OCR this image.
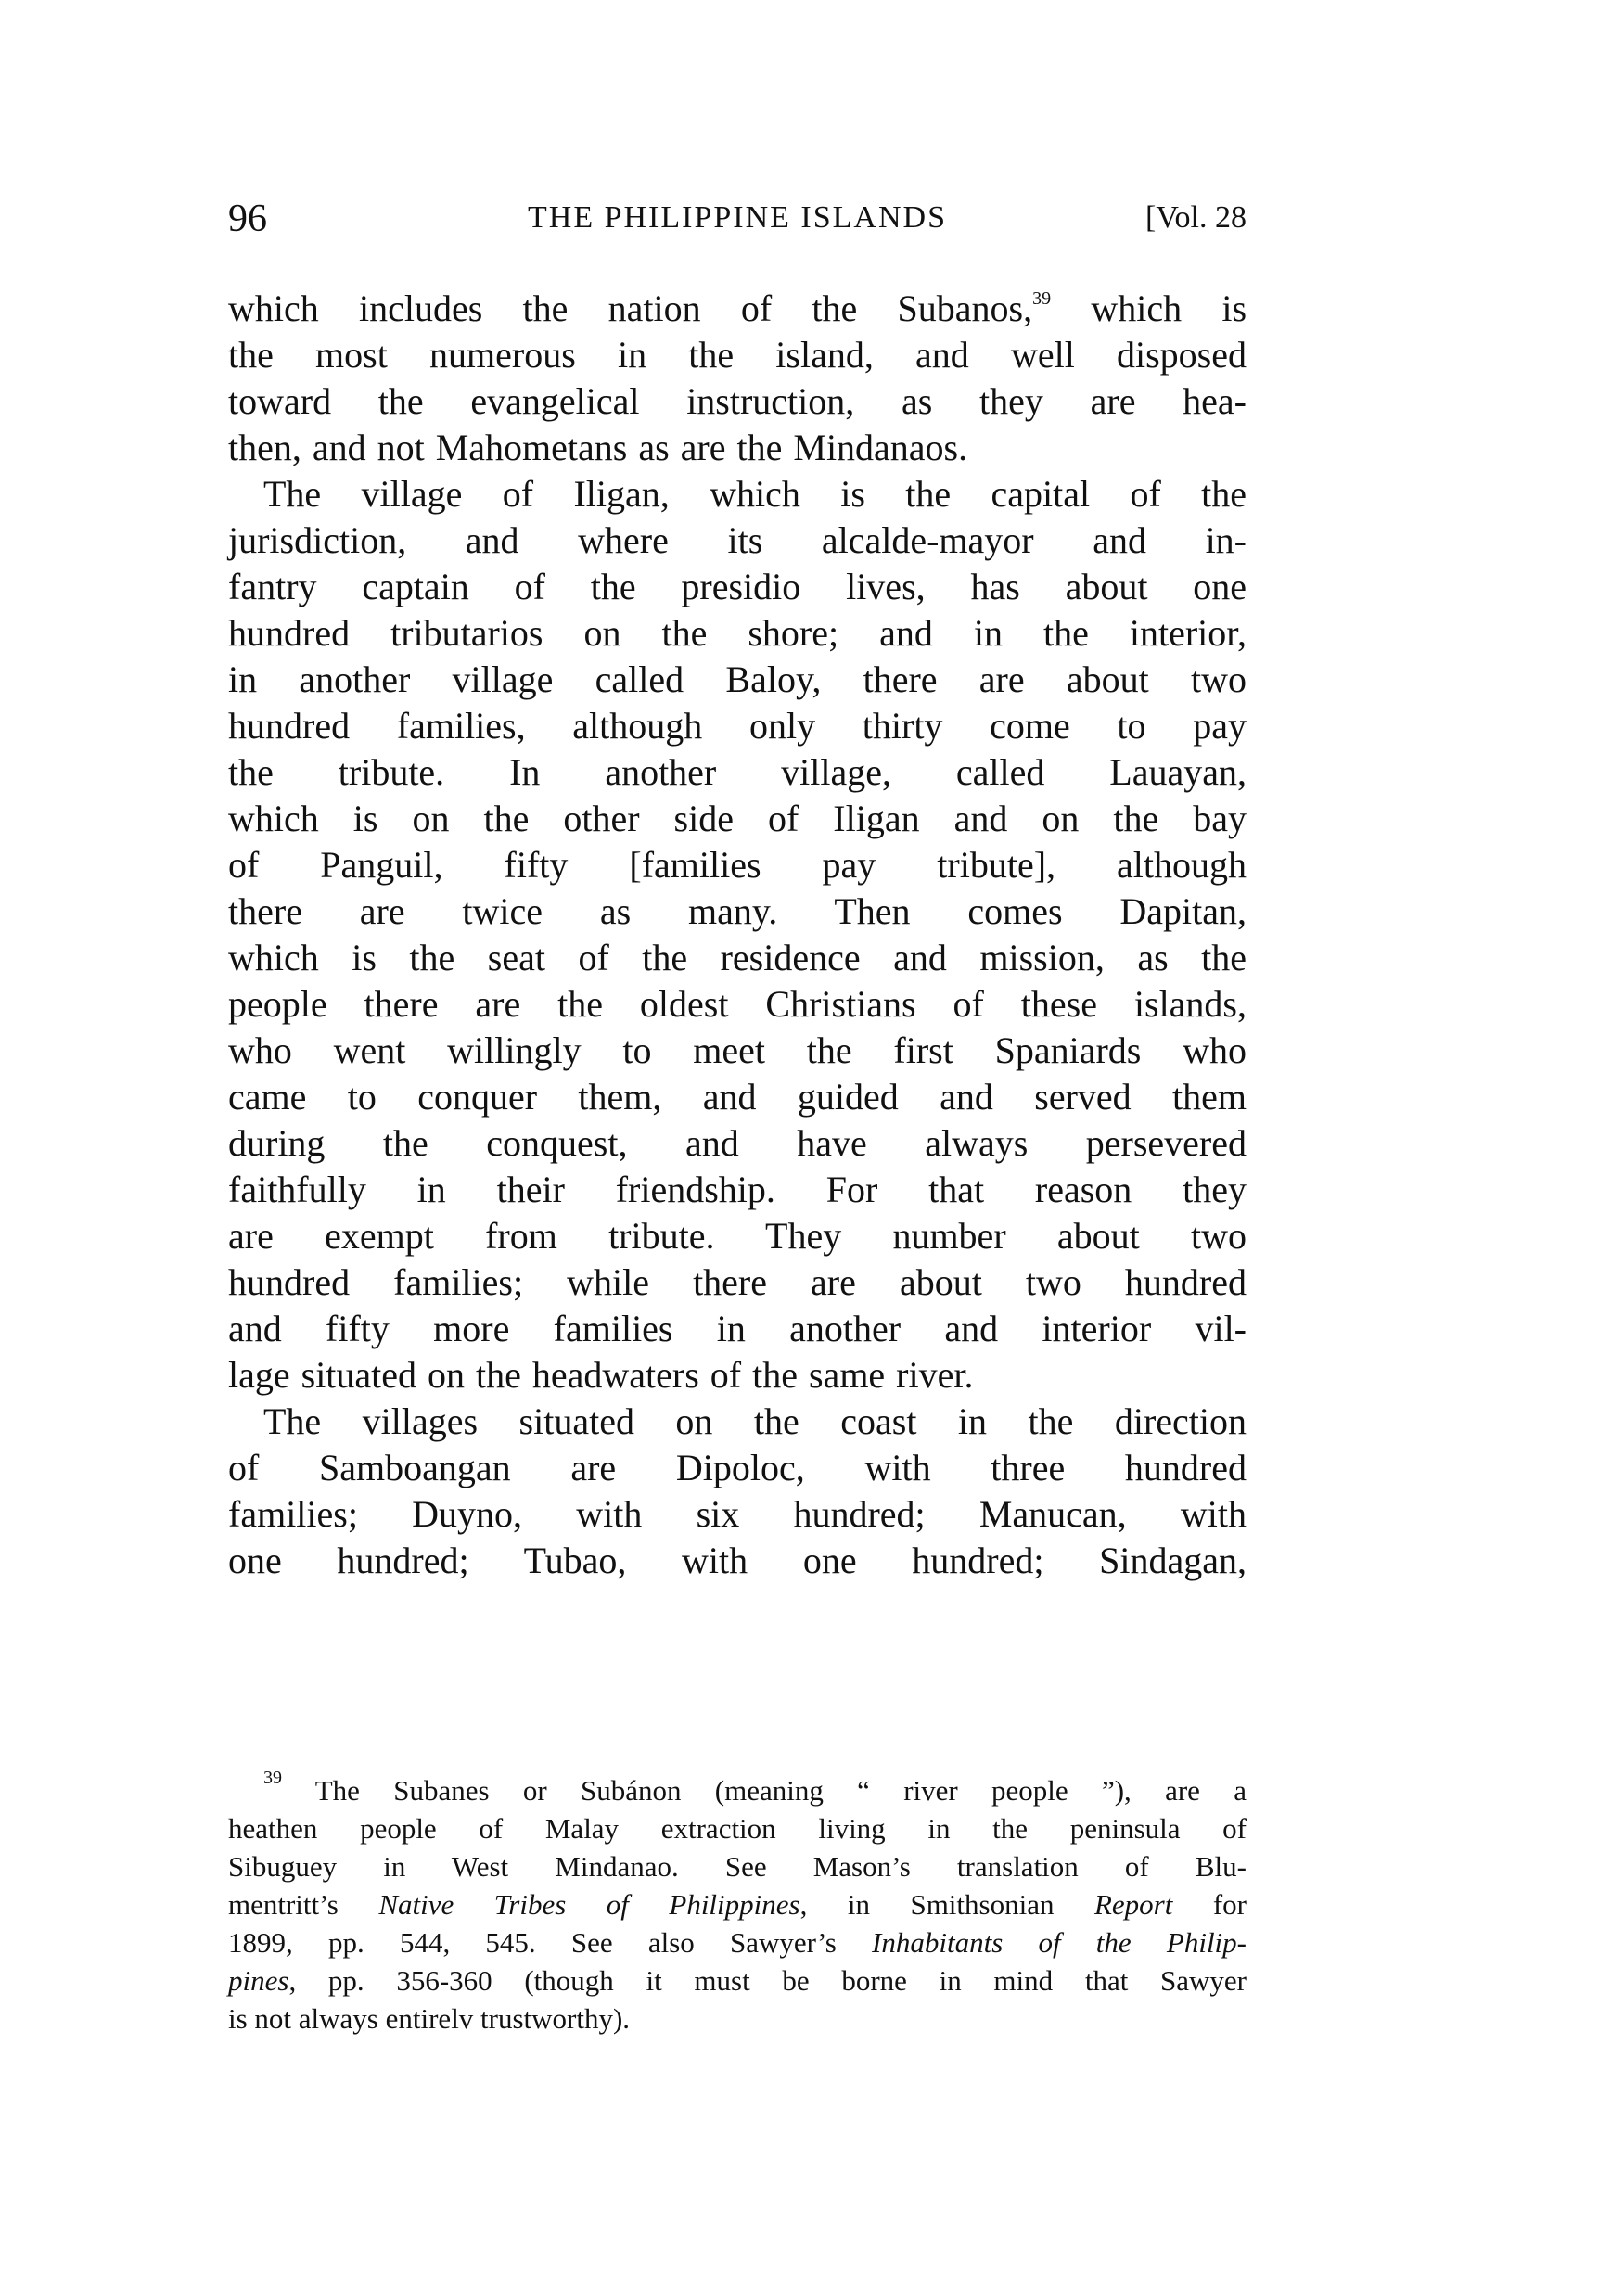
96	THE PHILIPPINE ISLANDS	[Vol. 28
which includes the nation of the Subanos,$^{39}$ which is
the most numerous in the island, and well disposed
toward the evangelical instruction, as they are hea-
then, and not Mahometans as are the Mindanaos.
The village of Iligan, which is the capital of the
jurisdiction, and where its alcalde-mayor and in-
fantry captain of the presidio lives, has about one
hundred tributarios on the shore; and in the interior,
in another village called Baloy, there are about two
hundred families, although only thirty come to pay
the tribute. In another village, called Lauayan,
which is on the other side of Iligan and on the bay
of Panguil, fifty [families pay tribute], although
there are twice as many. Then comes Dapitan,
which is the seat of the residence and mission, as the
people there are the oldest Christians of these islands,
who went willingly to meet the first Spaniards who
came to conquer them, and guided and served them
during the conquest, and have always persevered
faithfully in their friendship. For that reason they
are exempt from tribute. They number about two
hundred families; while there are about two hundred
and fifty more families in another and interior vil-
lage situated on the headwaters of the same river.
The villages situated on the coast in the direction
of Samboangan are Dipoloc, with three hundred
families; Duyno, with six hundred; Manucan, with
one hundred; Tubao, with one hundred; Sindagan,
$^{39}$ The Subanes or Subánon (meaning “ river people ”), are a
heathen people of Malay extraction living in the peninsula of
Sibuguey in West Mindanao. See Mason’s translation of Blu-
mentritt’s Native Tribes of Philippines, in Smithsonian Report for
1899, pp. 544, 545. See also Sawyer’s Inhabitants of the Philip-
pines, pp. 356-360 (though it must be borne in mind that Sawyer
is not always entirelv trustworthy).
